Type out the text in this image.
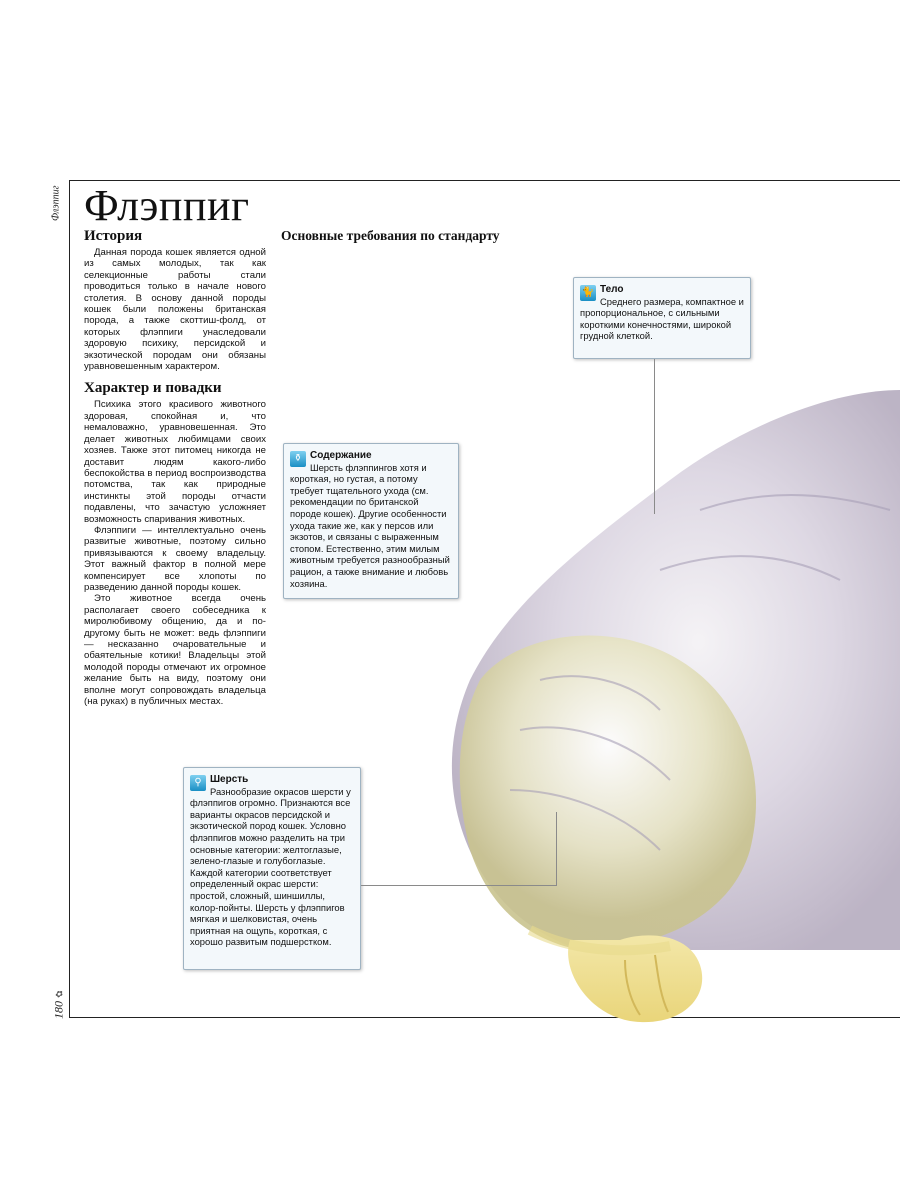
Флэппиг
180
✿
Флэппиг
История

Данная порода кошек является одной из самых молодых, так как селекционные работы стали проводиться только в начале нового столетия. В основу данной породы кошек были положены британская порода, а также скоттиш-фолд, от которых флэппиги унаследовали здоровую психику, персидской и экзотической породам они обязаны уравновешенным характером.

Характер и повадки

Психика этого красивого животного здоровая, спокойная и, что немаловажно, уравновешенная. Это делает животных любимцами своих хозяев. Также этот питомец никогда не доставит людям какого-либо беспокойства в период воспроизводства потомства, так как природные инстинкты этой породы отчасти подавлены, что зачастую усложняет возможность спаривания животных.

Флэппиги — интеллектуально очень развитые животные, поэтому сильно привязываются к своему владельцу. Этот важный фактор в полной мере компенсирует все хлопоты по разведению данной породы кошек.

Это животное всегда очень располагает своего собеседника к миролюбивому общению, да и по-другому быть не может: ведь флэппиги — несказанно очаровательные и обаятельные котики! Владельцы этой молодой породы отмечают их огромное желание быть на виду, поэтому они вполне могут сопровождать владельца (на руках) в публичных местах.

Основные требования по стандарту
🐈 Тело
Среднего размера, компактное и пропорциональное, с сильными короткими конечностями, широкой грудной клеткой.
⚱ Содержание
Шерсть флэппингов хотя и короткая, но густая, а потому требует тщательного ухода (см. рекомендации по британской породе кошек). Другие особенности ухода такие же, как у персов или экзотов, и связаны с выраженным стопом. Естественно, этим милым животным требуется разнообразный рацион, а также внимание и любовь хозяина.
⚲ Шерсть
Разнообразие окрасов шерсти у флэппигов огромно. Признаются все варианты окрасов персидской и экзотической пород кошек. Условно флэппигов можно разделить на три основные категории: желтоглазые, зелено-глазые и голубоглазые. Каждой категории соответствует определенный окрас шерсти: простой, сложный, шиншиллы, колор-пойнты. Шерсть у флэппигов мягкая и шелковистая, очень приятная на ощупь, короткая, с хорошо развитым подшерстком.
